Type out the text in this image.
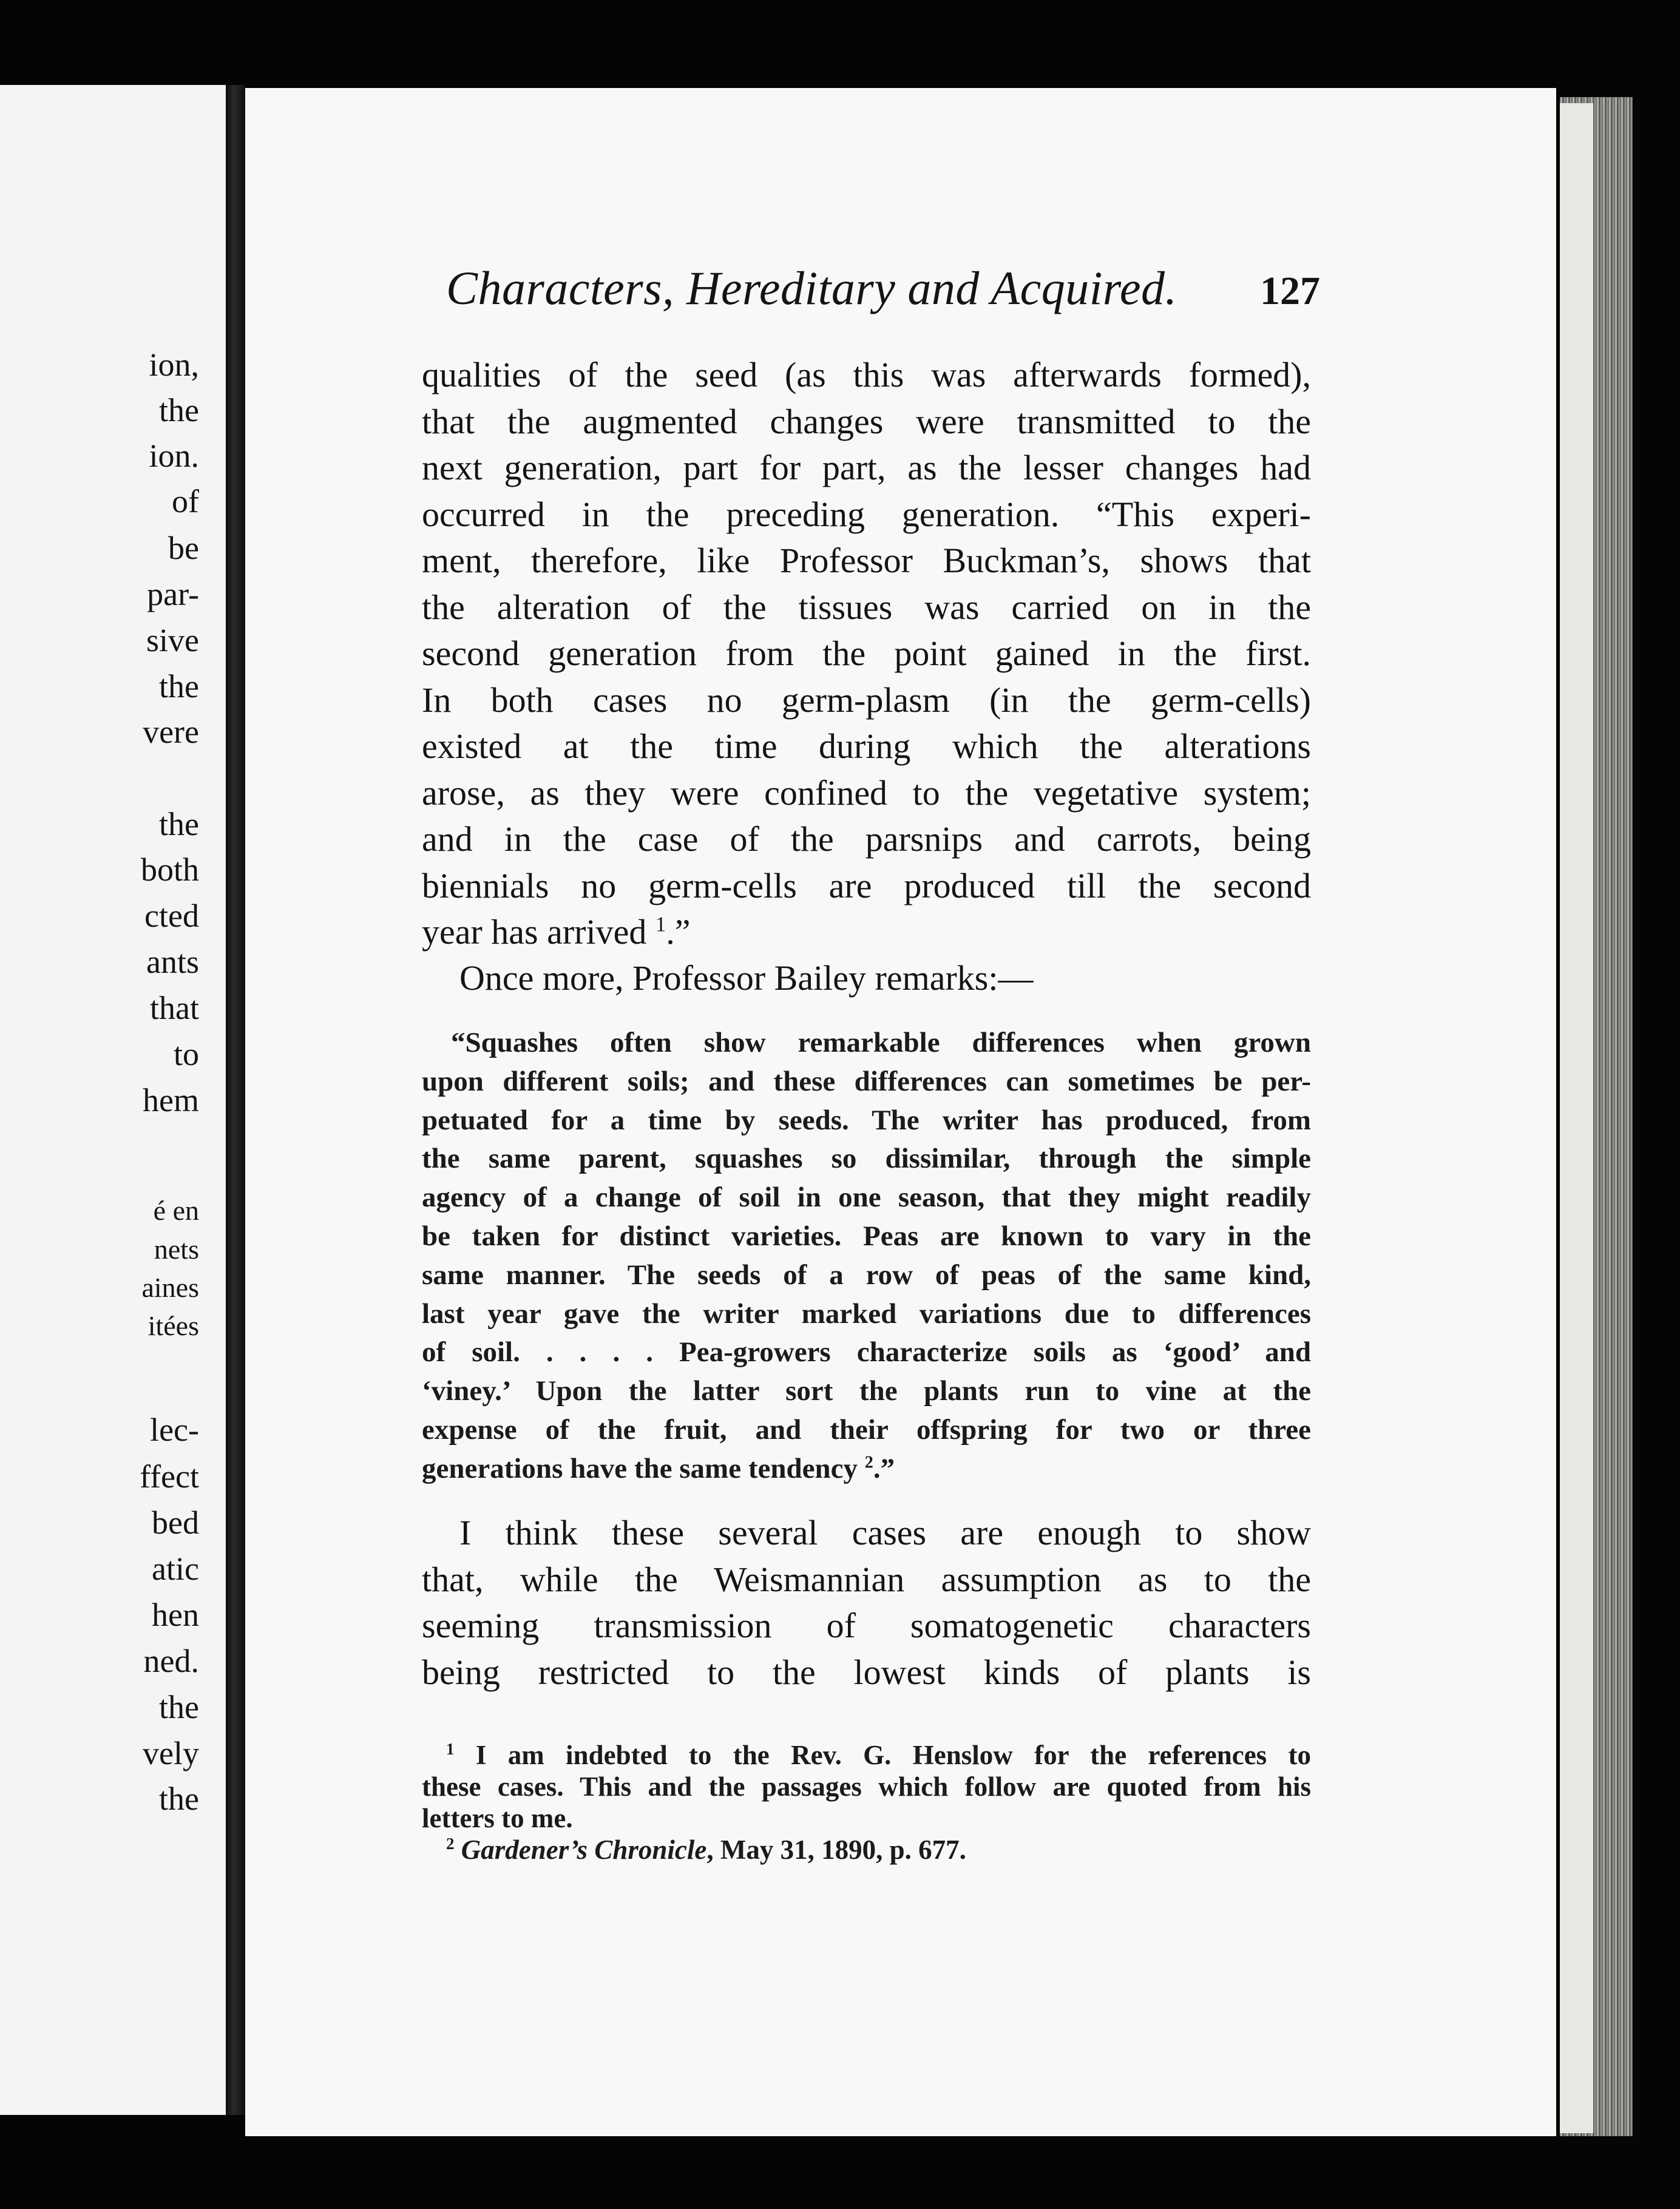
ion,
the
ion.
of
be
par-
sive
the
vere
the
both
cted
ants
that
to
hem
é en
nets
aines
itées
lec-
ffect
bed
atic
hen
ned.
the
vely
the
Characters, Hereditary and Acquired. 127
qualities of the seed (as this was afterwards formed),
that the augmented changes were transmitted to the
next generation, part for part, as the lesser changes had
occurred in the preceding generation. “This experi-
ment, therefore, like Professor Buckman’s, shows that
the alteration of the tissues was carried on in the
second generation from the point gained in the first.
In both cases no germ-plasm (in the germ-cells)
existed at the time during which the alterations
arose, as they were confined to the vegetative system;
and in the case of the parsnips and carrots, being
biennials no germ-cells are produced till the second
year has arrived $^1$.”
Once more, Professor Bailey remarks:—
“Squashes often show remarkable differences when grown
upon different soils; and these differences can sometimes be per-
petuated for a time by seeds. The writer has produced, from
the same parent, squashes so dissimilar, through the simple
agency of a change of soil in one season, that they might readily
be taken for distinct varieties. Peas are known to vary in the
same manner. The seeds of a row of peas of the same kind,
last year gave the writer marked variations due to differences
of soil. . . . . Pea-growers characterize soils as ‘good’ and
‘viney.’ Upon the latter sort the plants run to vine at the
expense of the fruit, and their offspring for two or three
generations have the same tendency $^2$.”
I think these several cases are enough to show
that, while the Weismannian assumption as to the
seeming transmission of somatogenetic characters
being restricted to the lowest kinds of plants is
$^1$ I am indebted to the Rev. G. Henslow for the references to
these cases. This and the passages which follow are quoted from his
letters to me.
$^2$ Gardener’s Chronicle, May 31, 1890, p. 677.
